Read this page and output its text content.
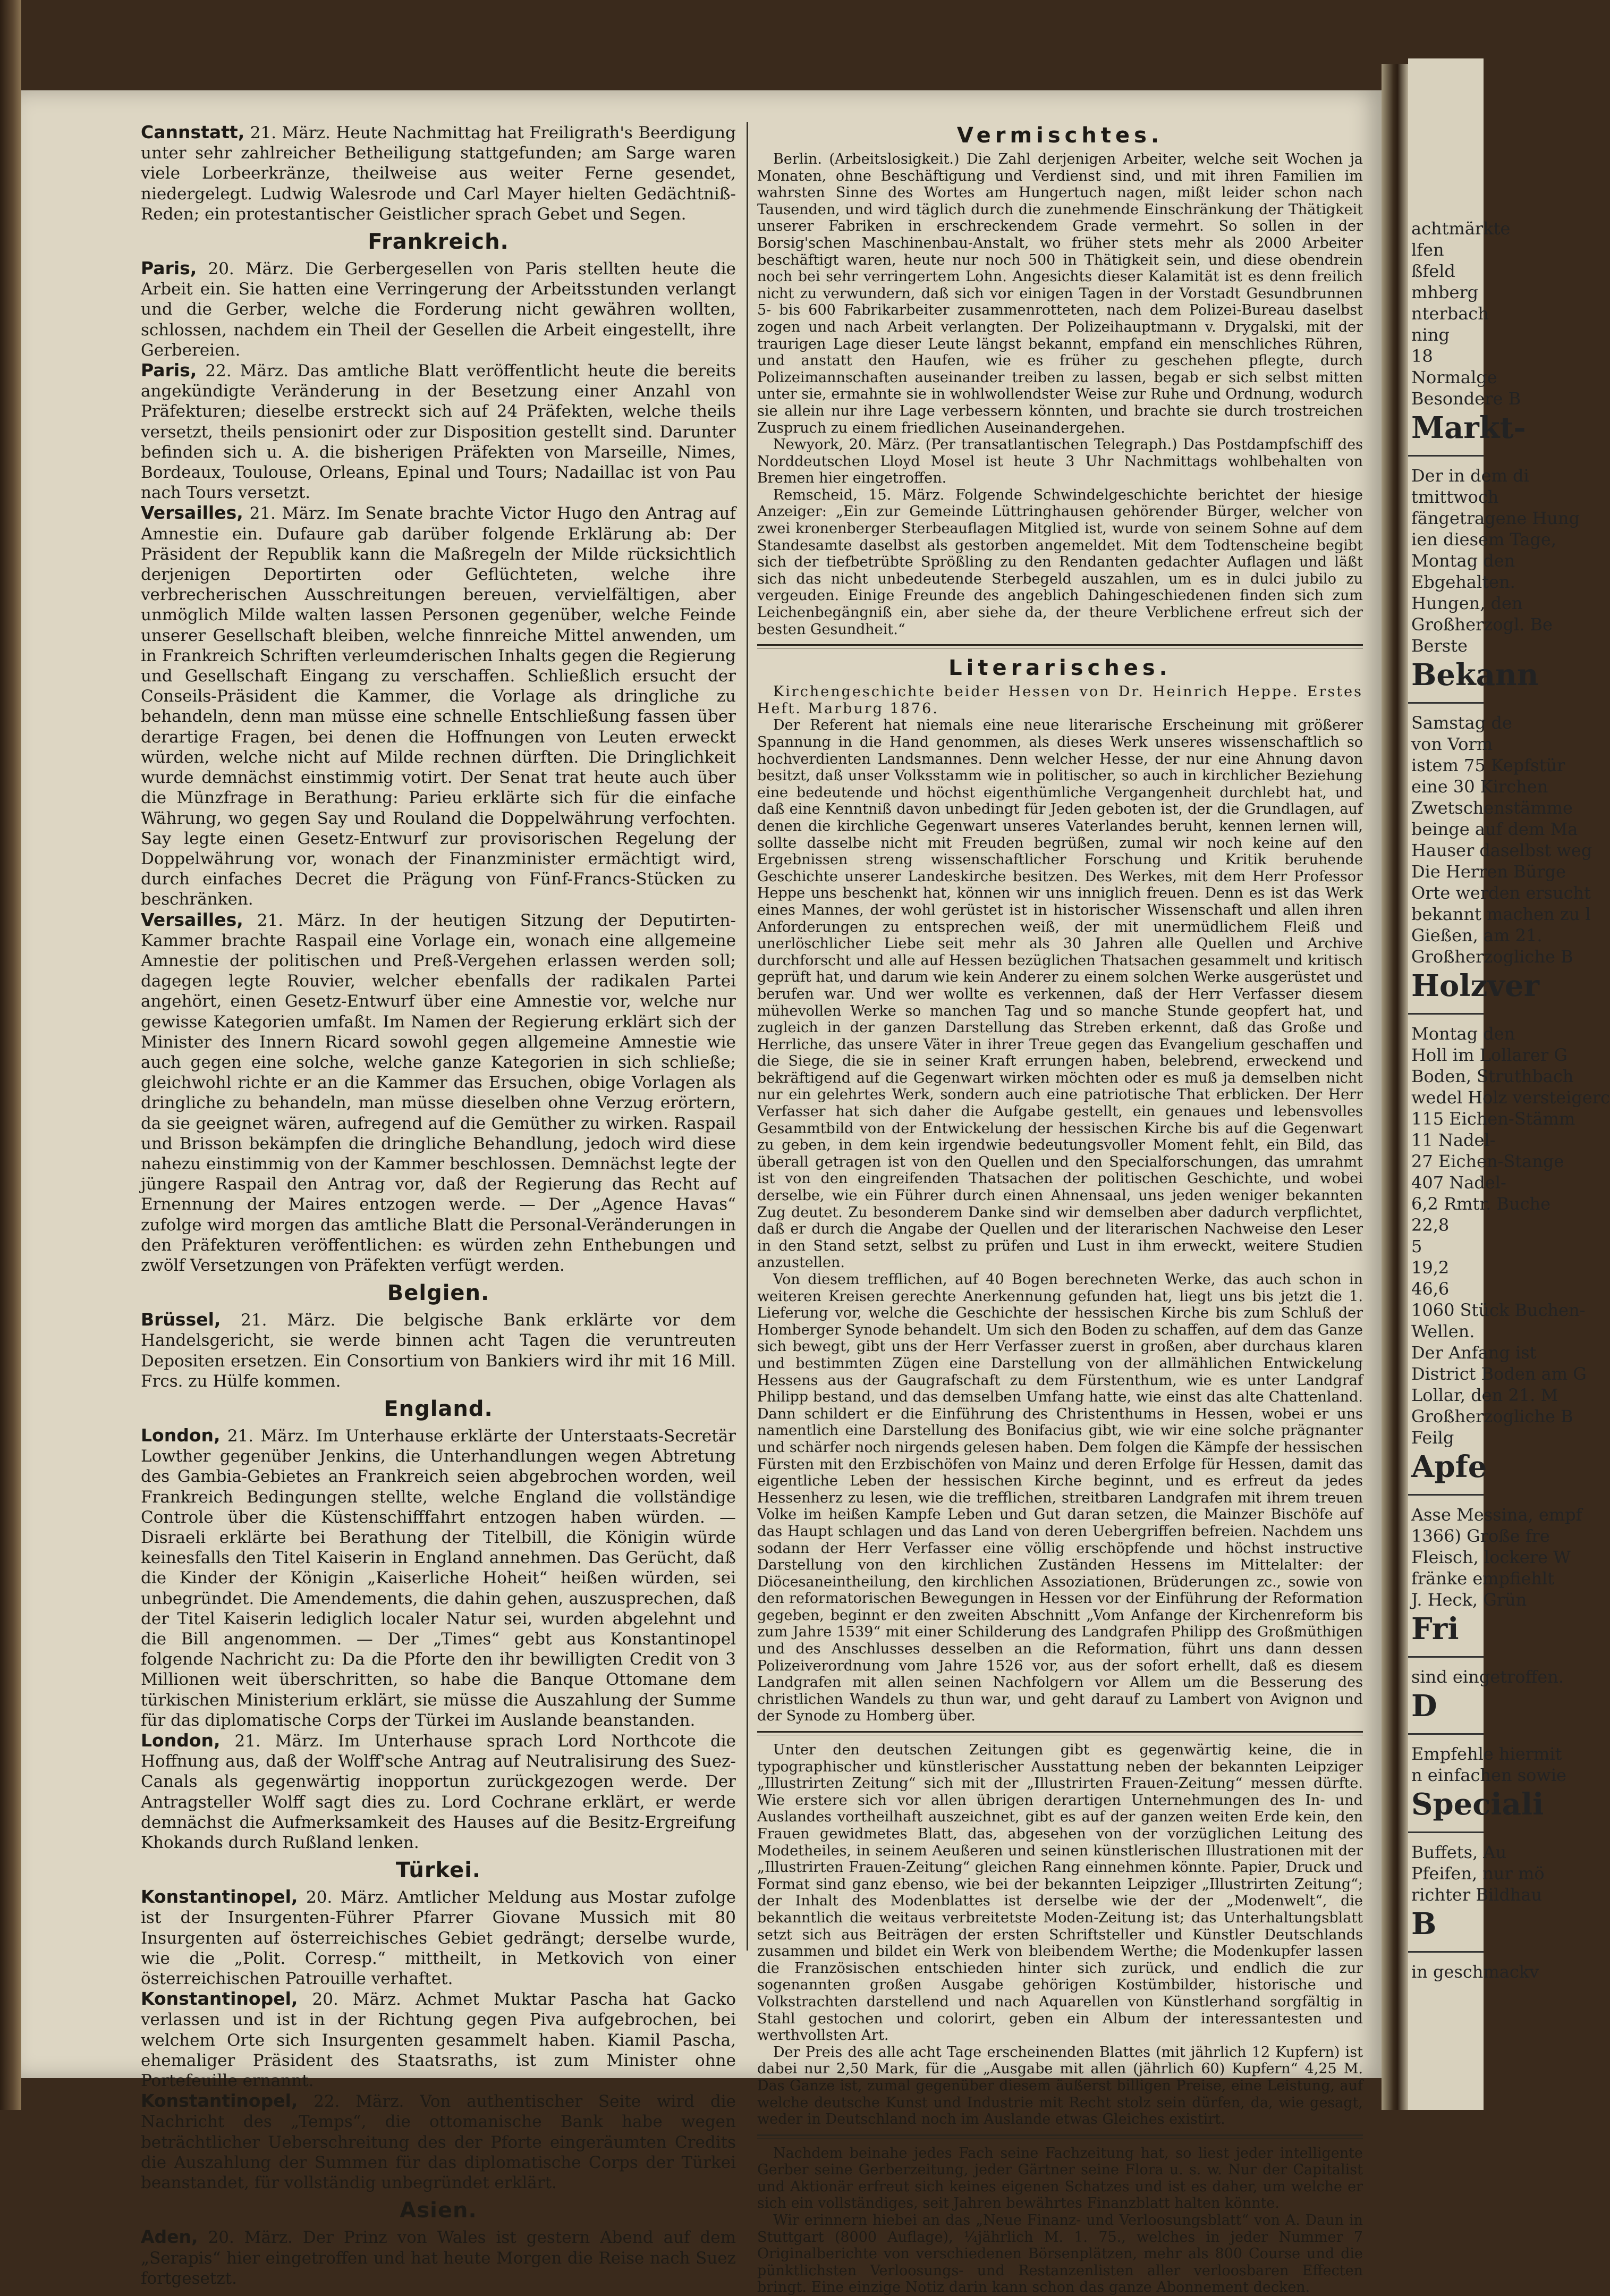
Cannstatt, 21. März. Heute Nachmittag hat Freiligrath's Beerdigung unter sehr zahlreicher Betheiligung stattgefunden; am Sarge waren viele Lorbeerkränze, theilweise aus weiter Ferne gesendet, niedergelegt. Ludwig Walesrode und Carl Mayer hielten Gedächtniß-Reden; ein protestantischer Geistlicher sprach Gebet und Segen.

Frankreich.

Paris, 20. März. Die Gerbergesellen von Paris stellten heute die Arbeit ein. Sie hatten eine Verringerung der Arbeitsstunden verlangt und die Gerber, welche die Forderung nicht gewähren wollten, schlossen, nachdem ein Theil der Gesellen die Arbeit eingestellt, ihre Gerbereien.

Paris, 22. März. Das amtliche Blatt veröffentlicht heute die bereits angekündigte Veränderung in der Besetzung einer Anzahl von Präfekturen; dieselbe erstreckt sich auf 24 Präfekten, welche theils versetzt, theils pensionirt oder zur Disposition gestellt sind. Darunter befinden sich u. A. die bisherigen Präfekten von Marseille, Nimes, Bordeaux, Toulouse, Orleans, Epinal und Tours; Nadaillac ist von Pau nach Tours versetzt.

Versailles, 21. März. Im Senate brachte Victor Hugo den Antrag auf Amnestie ein. Dufaure gab darüber folgende Erklärung ab: Der Präsident der Republik kann die Maßregeln der Milde rücksichtlich derjenigen Deportirten oder Geflüchteten, welche ihre verbrecherischen Ausschreitungen bereuen, vervielfältigen, aber unmöglich Milde walten lassen Personen gegenüber, welche Feinde unserer Gesellschaft bleiben, welche finnreiche Mittel anwenden, um in Frankreich Schriften verleumderischen Inhalts gegen die Regierung und Gesellschaft Eingang zu verschaffen. Schließlich ersucht der Conseils-Präsident die Kammer, die Vorlage als dringliche zu behandeln, denn man müsse eine schnelle Entschließung fassen über derartige Fragen, bei denen die Hoffnungen von Leuten erweckt würden, welche nicht auf Milde rechnen dürften. Die Dringlichkeit wurde demnächst einstimmig votirt. Der Senat trat heute auch über die Münzfrage in Berathung: Parieu erklärte sich für die einfache Währung, wo gegen Say und Rouland die Doppelwährung verfochten. Say legte einen Gesetz-Entwurf zur provisorischen Regelung der Doppelwährung vor, wonach der Finanzminister ermächtigt wird, durch einfaches Decret die Prägung von Fünf-Francs-Stücken zu beschränken.

Versailles, 21. März. In der heutigen Sitzung der Deputirten-Kammer brachte Raspail eine Vorlage ein, wonach eine allgemeine Amnestie der politischen und Preß-Vergehen erlassen werden soll; dagegen legte Rouvier, welcher ebenfalls der radikalen Partei angehört, einen Gesetz-Entwurf über eine Amnestie vor, welche nur gewisse Kategorien umfaßt. Im Namen der Regierung erklärt sich der Minister des Innern Ricard sowohl gegen allgemeine Amnestie wie auch gegen eine solche, welche ganze Kategorien in sich schließe; gleichwohl richte er an die Kammer das Ersuchen, obige Vorlagen als dringliche zu behandeln, man müsse dieselben ohne Verzug erörtern, da sie geeignet wären, aufregend auf die Gemüther zu wirken. Raspail und Brisson bekämpfen die dringliche Behandlung, jedoch wird diese nahezu einstimmig von der Kammer beschlossen. Demnächst legte der jüngere Raspail den Antrag vor, daß der Regierung das Recht auf Ernennung der Maires entzogen werde. — Der „Agence Havas“ zufolge wird morgen das amtliche Blatt die Personal-Veränderungen in den Präfekturen veröffentlichen: es würden zehn Enthebungen und zwölf Versetzungen von Präfekten verfügt werden.

Belgien.

Brüssel, 21. März. Die belgische Bank erklärte vor dem Handelsgericht, sie werde binnen acht Tagen die veruntreuten Depositen ersetzen. Ein Consortium von Bankiers wird ihr mit 16 Mill. Frcs. zu Hülfe kommen.

England.

London, 21. März. Im Unterhause erklärte der Unterstaats-Secretär Lowther gegenüber Jenkins, die Unterhandlungen wegen Abtretung des Gambia-Gebietes an Frankreich seien abgebrochen worden, weil Frankreich Bedingungen stellte, welche England die vollständige Controle über die Küstenschifffahrt entzogen haben würden. — Disraeli erklärte bei Berathung der Titelbill, die Königin würde keinesfalls den Titel Kaiserin in England annehmen. Das Gerücht, daß die Kinder der Königin „Kaiserliche Hoheit“ heißen würden, sei unbegründet. Die Amendements, die dahin gehen, auszusprechen, daß der Titel Kaiserin lediglich localer Natur sei, wurden abgelehnt und die Bill angenommen. — Der „Times“ gebt aus Konstantinopel folgende Nachricht zu: Da die Pforte den ihr bewilligten Credit von 3 Millionen weit überschritten, so habe die Banque Ottomane dem türkischen Ministerium erklärt, sie müsse die Auszahlung der Summe für das diplomatische Corps der Türkei im Auslande beanstanden.

London, 21. März. Im Unterhause sprach Lord Northcote die Hoffnung aus, daß der Wolff'sche Antrag auf Neutralisirung des Suez-Canals als gegenwärtig inopportun zurückgezogen werde. Der Antragsteller Wolff sagt dies zu. Lord Cochrane erklärt, er werde demnächst die Aufmerksamkeit des Hauses auf die Besitz-Ergreifung Khokands durch Rußland lenken.

Türkei.

Konstantinopel, 20. März. Amtlicher Meldung aus Mostar zufolge ist der Insurgenten-Führer Pfarrer Giovane Mussich mit 80 Insurgenten auf österreichisches Gebiet gedrängt; derselbe wurde, wie die „Polit. Corresp.“ mittheilt, in Metkovich von einer österreichischen Patrouille verhaftet.

Konstantinopel, 20. März. Achmet Muktar Pascha hat Gacko verlassen und ist in der Richtung gegen Piva aufgebrochen, bei welchem Orte sich Insurgenten gesammelt haben. Kiamil Pascha, ehemaliger Präsident des Staatsraths, ist zum Minister ohne Portefeuille ernannt.

Konstantinopel, 22. März. Von authentischer Seite wird die Nachricht des „Temps“, die ottomanische Bank habe wegen beträchtlicher Ueberschreitung des der Pforte eingeräumten Credits die Auszahlung der Summen für das diplomatische Corps der Türkei beanstandet, für vollständig unbegründet erklärt.

Asien.

Aden, 20. März. Der Prinz von Wales ist gestern Abend auf dem „Serapis“ hier eingetroffen und hat heute Morgen die Reise nach Suez fortgesetzt.

Vermischtes.

Berlin. (Arbeitslosigkeit.) Die Zahl derjenigen Arbeiter, welche seit Wochen ja Monaten, ohne Beschäftigung und Verdienst sind, und mit ihren Familien im wahrsten Sinne des Wortes am Hungertuch nagen, mißt leider schon nach Tausenden, und wird täglich durch die zunehmende Einschränkung der Thätigkeit unserer Fabriken in erschreckendem Grade vermehrt. So sollen in der Borsig'schen Maschinenbau-Anstalt, wo früher stets mehr als 2000 Arbeiter beschäftigt waren, heute nur noch 500 in Thätigkeit sein, und diese obendrein noch bei sehr verringertem Lohn. Angesichts dieser Kalamität ist es denn freilich nicht zu verwundern, daß sich vor einigen Tagen in der Vorstadt Gesundbrunnen 5- bis 600 Fabrikarbeiter zusammenrotteten, nach dem Polizei-Bureau daselbst zogen und nach Arbeit verlangten. Der Polizeihauptmann v. Drygalski, mit der traurigen Lage dieser Leute längst bekannt, empfand ein menschliches Rühren, und anstatt den Haufen, wie es früher zu geschehen pflegte, durch Polizeimannschaften auseinander treiben zu lassen, begab er sich selbst mitten unter sie, ermahnte sie in wohlwollendster Weise zur Ruhe und Ordnung, wodurch sie allein nur ihre Lage verbessern könnten, und brachte sie durch trostreichen Zuspruch zu einem friedlichen Auseinandergehen.

Newyork, 20. März. (Per transatlantischen Telegraph.) Das Postdampfschiff des Norddeutschen Lloyd Mosel ist heute 3 Uhr Nachmittags wohlbehalten von Bremen hier eingetroffen.

Remscheid, 15. März. Folgende Schwindelgeschichte berichtet der hiesige Anzeiger: „Ein zur Gemeinde Lüttringhausen gehörender Bürger, welcher von zwei kronenberger Sterbeauflagen Mitglied ist, wurde von seinem Sohne auf dem Standesamte daselbst als gestorben angemeldet. Mit dem Todtenscheine begibt sich der tiefbetrübte Sprößling zu den Rendanten gedachter Auflagen und läßt sich das nicht unbedeutende Sterbegeld auszahlen, um es in dulci jubilo zu vergeuden. Einige Freunde des angeblich Dahingeschiedenen finden sich zum Leichenbegängniß ein, aber siehe da, der theure Verblichene erfreut sich der besten Gesundheit.“

Literarisches.

Kirchengeschichte beider Hessen von Dr. Heinrich Heppe. Erstes Heft. Marburg 1876.

Der Referent hat niemals eine neue literarische Erscheinung mit größerer Spannung in die Hand genommen, als dieses Werk unseres wissenschaftlich so hochverdienten Landsmannes. Denn welcher Hesse, der nur eine Ahnung davon besitzt, daß unser Volksstamm wie in politischer, so auch in kirchlicher Beziehung eine bedeutende und höchst eigenthümliche Vergangenheit durchlebt hat, und daß eine Kenntniß davon unbedingt für Jeden geboten ist, der die Grundlagen, auf denen die kirchliche Gegenwart unseres Vaterlandes beruht, kennen lernen will, sollte dasselbe nicht mit Freuden begrüßen, zumal wir noch keine auf den Ergebnissen streng wissenschaftlicher Forschung und Kritik beruhende Geschichte unserer Landeskirche besitzen. Des Werkes, mit dem Herr Professor Heppe uns beschenkt hat, können wir uns inniglich freuen. Denn es ist das Werk eines Mannes, der wohl gerüstet ist in historischer Wissenschaft und allen ihren Anforderungen zu entsprechen weiß, der mit unermüdlichem Fleiß und unerlöschlicher Liebe seit mehr als 30 Jahren alle Quellen und Archive durchforscht und alle auf Hessen bezüglichen Thatsachen gesammelt und kritisch geprüft hat, und darum wie kein Anderer zu einem solchen Werke ausgerüstet und berufen war. Und wer wollte es verkennen, daß der Herr Verfasser diesem mühevollen Werke so manchen Tag und so manche Stunde geopfert hat, und zugleich in der ganzen Darstellung das Streben erkennt, daß das Große und Herrliche, das unsere Väter in ihrer Treue gegen das Evangelium geschaffen und die Siege, die sie in seiner Kraft errungen haben, belebrend, erweckend und bekräftigend auf die Gegenwart wirken möchten oder es muß ja demselben nicht nur ein gelehrtes Werk, sondern auch eine patriotische That erblicken. Der Herr Verfasser hat sich daher die Aufgabe gestellt, ein genaues und lebensvolles Gesammtbild von der Entwickelung der hessischen Kirche bis auf die Gegenwart zu geben, in dem kein irgendwie bedeutungsvoller Moment fehlt, ein Bild, das überall getragen ist von den Quellen und den Specialforschungen, das umrahmt ist von den eingreifenden Thatsachen der politischen Geschichte, und wobei derselbe, wie ein Führer durch einen Ahnensaal, uns jeden weniger bekannten Zug deutet. Zu besonderem Danke sind wir demselben aber dadurch verpflichtet, daß er durch die Angabe der Quellen und der literarischen Nachweise den Leser in den Stand setzt, selbst zu prüfen und Lust in ihm erweckt, weitere Studien anzustellen.

Von diesem trefflichen, auf 40 Bogen berechneten Werke, das auch schon in weiteren Kreisen gerechte Anerkennung gefunden hat, liegt uns bis jetzt die 1. Lieferung vor, welche die Geschichte der hessischen Kirche bis zum Schluß der Homberger Synode behandelt. Um sich den Boden zu schaffen, auf dem das Ganze sich bewegt, gibt uns der Herr Verfasser zuerst in großen, aber durchaus klaren und bestimmten Zügen eine Darstellung von der allmählichen Entwickelung Hessens aus der Gaugrafschaft zu dem Fürstenthum, wie es unter Landgraf Philipp bestand, und das demselben Umfang hatte, wie einst das alte Chattenland. Dann schildert er die Einführung des Christenthums in Hessen, wobei er uns namentlich eine Darstellung des Bonifacius gibt, wie wir eine solche prägnanter und schärfer noch nirgends gelesen haben. Dem folgen die Kämpfe der hessischen Fürsten mit den Erzbischöfen von Mainz und deren Erfolge für Hessen, damit das eigentliche Leben der hessischen Kirche beginnt, und es erfreut da jedes Hessenherz zu lesen, wie die trefflichen, streitbaren Landgrafen mit ihrem treuen Volke im heißen Kampfe Leben und Gut daran setzen, die Mainzer Bischöfe auf das Haupt schlagen und das Land von deren Uebergriffen befreien. Nachdem uns sodann der Herr Verfasser eine völlig erschöpfende und höchst instructive Darstellung von den kirchlichen Zuständen Hessens im Mittelalter: der Diöcesaneintheilung, den kirchlichen Assoziationen, Brüderungen zc., sowie von den reformatorischen Bewegungen in Hessen vor der Einführung der Reformation gegeben, beginnt er den zweiten Abschnitt „Vom Anfange der Kirchenreform bis zum Jahre 1539“ mit einer Schilderung des Landgrafen Philipp des Großmüthigen und des Anschlusses desselben an die Reformation, führt uns dann dessen Polizeiverordnung vom Jahre 1526 vor, aus der sofort erhellt, daß es diesem Landgrafen mit allen seinen Nachfolgern vor Allem um die Besserung des christlichen Wandels zu thun war, und geht darauf zu Lambert von Avignon und der Synode zu Homberg über.

Unter den deutschen Zeitungen gibt es gegenwärtig keine, die in typographischer und künstlerischer Ausstattung neben der bekannten Leipziger „Illustrirten Zeitung“ sich mit der „Illustrirten Frauen-Zeitung“ messen dürfte. Wie erstere sich vor allen übrigen derartigen Unternehmungen des In- und Auslandes vortheilhaft auszeichnet, gibt es auf der ganzen weiten Erde kein, den Frauen gewidmetes Blatt, das, abgesehen von der vorzüglichen Leitung des Modetheiles, in seinem Aeußeren und seinen künstlerischen Illustrationen mit der „Illustrirten Frauen-Zeitung“ gleichen Rang einnehmen könnte. Papier, Druck und Format sind ganz ebenso, wie bei der bekannten Leipziger „Illustrirten Zeitung“; der Inhalt des Modenblattes ist derselbe wie der der „Modenwelt“, die bekanntlich die weitaus verbreitetste Moden-Zeitung ist; das Unterhaltungsblatt setzt sich aus Beiträgen der ersten Schriftsteller und Künstler Deutschlands zusammen und bildet ein Werk von bleibendem Werthe; die Modenkupfer lassen die Französischen entschieden hinter sich zurück, und endlich die zur sogenannten großen Ausgabe gehörigen Kostümbilder, historische und Volkstrachten darstellend und nach Aquarellen von Künstlerhand sorgfältig in Stahl gestochen und colorirt, geben ein Album der interessantesten und werthvollsten Art.

Der Preis des alle acht Tage erscheinenden Blattes (mit jährlich 12 Kupfern) ist dabei nur 2,50 Mark, für die „Ausgabe mit allen (jährlich 60) Kupfern“ 4,25 M. Das Ganze ist, zumal gegenüber diesem äußerst billigen Preise, eine Leistung, auf welche deutsche Kunst und Industrie mit Recht stolz sein dürfen, da, wie gesagt, weder in Deutschland noch im Auslande etwas Gleiches existirt.

Nachdem beinahe jedes Fach seine Fachzeitung hat, so liest jeder intelligente Gerber seine Gerberzeitung, jeder Gärtner seine Flora u. s. w. Nur der Capitalist und Aktionär erfreut sich keines eigenen Schatzes und ist es daher, um welche er sich ein vollständiges, seit Jahren bewährtes Finanzblatt halten könnte.

Wir erinnern hiebei an das „Neue Finanz- und Verloosungsblatt“ von A. Daun in Stuttgart (8000 Auflage), ¼jährlich M. 1. 75., welches in jeder Nummer 7 Originalberichte von verschiedenen Börsenplätzen, mehr als 800 Course und die pünktlichsten Verloosungs- und Restanzenlisten aller verloosbaren Effecten bringt. Eine einzige Notiz darin kann schon das ganze Abonnement decken.

achtmärkte
lfen
ßfeld
mhberg
nterbach
ning
18
Normalge
Besondere B
Markt-
Der in dem di
tmittwoch
fängetragene Hung
ien diesem Tage,
Montag den
Ebgehalten.
Hungen, den
Großherzogl. Be
Berste
Bekann
Samstag de
von Vorm
istem 75 Kepfstür
eine 30 Kirchen
Zwetschenstämme
beinge auf dem Ma
Hauser daselbst weg
Die Herren Bürge
Orte werden ersucht
bekannt machen zu l
Gießen, am 21.
Großherzogliche B
Holzver
Montag den
Holl im Lollarer G
Boden, Struthbach
wedel Holz versteigerc
115 Eichen-Stämm
11 Nadel-
27 Eichen-Stange
407 Nadel-
6,2 Rmtr. Buche
22,8
5
19,2
46,6
1060 Stück Buchen-
Wellen.
Der Anfang ist
District Boden am G
Lollar, den 21. M
Großherzogliche B
Feilg
Apfe
Asse Messina, empf
1366) Große fre
Fleisch, lockere W
fränke empfiehlt
J. Heck, Grün
Fri
sind eingetroffen.
D
Empfehle hiermit
n einfachen sowie
Speciali
Buffets, Au
Pfeifen, nur mö
richter Bildhau
B
in geschmackv
